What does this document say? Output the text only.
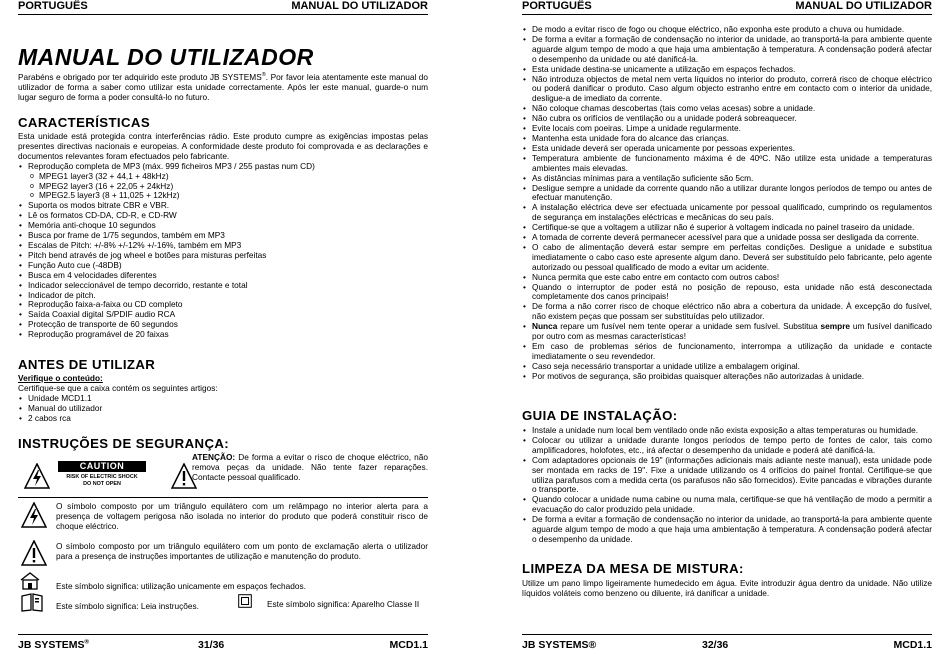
PORTUGUÊS	MANUAL DO UTILIZADOR
MANUAL DO UTILIZADOR
Parabéns e obrigado por ter adquirido este produto JB SYSTEMS®. Por favor leia atentamente este manual do utilizador de forma a saber como utilizar esta unidade correctamente. Após ler este manual, guarde-o num lugar seguro de forma a poder consultá-lo no futuro.
CARACTERÍSTICAS
Esta unidade está protegida contra interferências rádio. Este produto cumpre as exigências impostas pelas presentes directivas nacionais e europeias. A conformidade deste produto foi comprovada e as declarações e documentos relevantes foram efectuados pelo fabricante.
• Reprodução completa de MP3 (máx. 999 ficheiros MP3 / 255 pastas num CD)
o MPEG1 layer3 (32 + 44,1 + 48kHz)
o MPEG2 layer3 (16 + 22,05 + 24kHz)
o MPEG2.5 layer3 (8 + 11,025 + 12kHz)
• Suporta os modos bitrate CBR e VBR.
• Lê os formatos CD-DA, CD-R, e CD-RW
• Memória anti-choque 10 segundos
• Busca por frame de 1/75 segundos, também em MP3
• Escalas de Pitch: +/-8% +/-12% +/-16%, também em MP3
• Pitch bend através de jog wheel e botões para misturas perfeitas
• Função Auto cue (-48DB)
• Busca em 4 velocidades diferentes
• Indicador seleccionável de tempo decorrido, restante e total
• Indicador de pitch.
• Reprodução faixa-a-faixa ou CD completo
• Saída Coaxial digital S/PDIF audio RCA
• Protecção de transporte de 60 segundos
• Reprodução programável de 20 faixas
ANTES DE UTILIZAR
Verifique o conteúdo:
Certifique-se que a caixa contém os seguintes artigos:
• Unidade MCD1.1
• Manual do utilizador
• 2 cabos rca
INSTRUÇÕES DE SEGURANÇA:
CAUTION
RISK OF ELECTRIC SHOCK
DO NOT OPEN
ATENÇÃO: De forma a evitar o risco de choque eléctrico, não remova peças da unidade. Não tente fazer reparações. Contacte pessoal qualificado.
O símbolo composto por um triângulo equilátero com um relâmpago no interior alerta para a presença de voltagem perigosa não isolada no interior do produto que poderá constituir risco de choque eléctrico.
O símbolo composto por um triângulo equilátero com um ponto de exclamação alerta o utilizador para a presença de instruções importantes de utilização e manutenção do produto.
Este símbolo significa: utilização unicamente em espaços fechados.
Este símbolo significa: Leia instruções.	Este símbolo significa: Aparelho Classe II
JB SYSTEMS®	31/36	MCD1.1
PORTUGUÊS	MANUAL DO UTILIZADOR
• De modo a evitar risco de fogo ou choque eléctrico, não exponha este produto a chuva ou humidade.
• De forma a evitar a formação de condensação no interior da unidade, ao transportá-la para ambiente quente aguarde algum tempo de modo a que haja uma ambientação à temperatura. A condensação poderá afectar o desempenho da unidade ou até danificá-la.
• Esta unidade destina-se unicamente a utilização em espaços fechados.
• Não introduza objectos de metal nem verta líquidos no interior do produto, correrá risco de choque eléctrico ou poderá danificar o produto. Caso algum objecto estranho entre em contacto com o interior da unidade, desligue-a de imediato da corrente.
• Não coloque chamas descobertas (tais como velas acesas) sobre a unidade.
• Não cubra os orifícios de ventilação ou a unidade poderá sobreaquecer.
• Evite locais com poeiras. Limpe a unidade regularmente.
• Mantenha esta unidade fora do alcance das crianças.
• Esta unidade deverá ser operada unicamente por pessoas experientes.
• Temperatura ambiente de funcionamento máxima é de 40ºC. Não utilize esta unidade a temperaturas ambientes mais elevadas.
• As distâncias mínimas para a ventilação suficiente são 5cm.
• Desligue sempre a unidade da corrente quando não a utilizar durante longos períodos de tempo ou antes de efectuar manutenção.
• A instalação eléctrica deve ser efectuada unicamente por pessoal qualificado, cumprindo os regulamentos de segurança em instalações eléctricas e mecânicas do seu país.
• Certifique-se que a voltagem a utilizar não é superior à voltagem indicada no painel traseiro da unidade.
• A tomada de corrente deverá permanecer acessível para que a unidade possa ser desligada da corrente.
• O cabo de alimentação deverá estar sempre em perfeitas condições. Desligue a unidade e substitua imediatamente o cabo caso este apresente algum dano. Deverá ser substituído pelo fabricante, pelo agente autorizado ou pessoal qualificado de modo a evitar um acidente.
• Nunca permita que este cabo entre em contacto com outros cabos!
• Quando o interruptor de poder está no posição de repouso, esta unidade não está desconectada completamente dos canos principais!
• De forma a não correr risco de choque eléctrico não abra a cobertura da unidade. À excepção do fusível, não existem peças que possam ser substituídas pelo utilizador.
• Nunca repare um fusível nem tente operar a unidade sem fusível. Substitua sempre um fusível danificado por outro com as mesmas características!
• Em caso de problemas sérios de funcionamento, interrompa a utilização da unidade e contacte imediatamente o seu revendedor.
• Caso seja necessário transportar a unidade utilize a embalagem original.
• Por motivos de segurança, são proibidas quaisquer alterações não autorizadas à unidade.
GUIA DE INSTALAÇÃO:
• Instale a unidade num local bem ventilado onde não exista exposição a altas temperaturas ou humidade.
• Colocar ou utilizar a unidade durante longos períodos de tempo perto de fontes de calor, tais como amplificadores, holofotes, etc., irá afectar o desempenho da unidade e poderá até danificá-la.
• Com adaptadores opcionais de 19" (informações adicionais mais adiante neste manual), esta unidade pode ser montada em racks de 19". Fixe a unidade utilizando os 4 orifícios do painel frontal. Certifique-se que utiliza parafusos com a medida certa (os parafusos não são fornecidos). Evite pancadas e vibrações durante o transporte.
• Quando colocar a unidade numa cabine ou numa mala, certifique-se que há ventilação de modo a permitir a evacuação do calor produzido pela unidade.
• De forma a evitar a formação de condensação no interior da unidade, ao transportá-la para ambiente quente aguarde algum tempo de modo a que haja uma ambientação à temperatura. A condensação poderá afectar o desempenho da unidade.
LIMPEZA DA MESA DE MISTURA:
Utilize um pano limpo ligeiramente humedecido em água. Evite introduzir água dentro da unidade. Não utilize líquidos voláteis como benzeno ou diluente, irá danificar a unidade.
JB SYSTEMS®	32/36	MCD1.1
